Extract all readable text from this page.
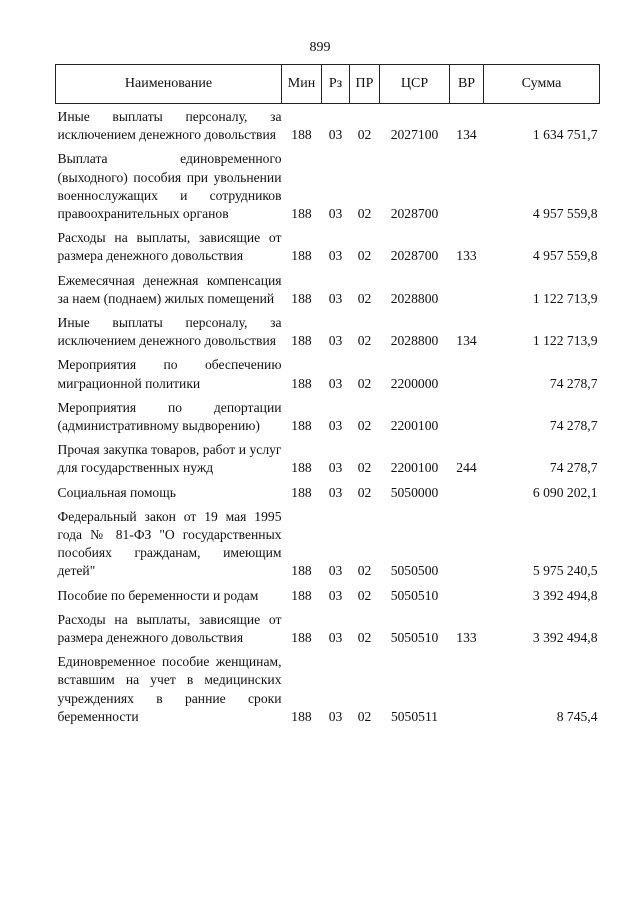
899
Наименование	Мин	Рз	ПР	ЦСР	ВР	Сумма
Иные выплаты персоналу, за исключением денежного довольствия	188	03	02	2027100	134	1 634 751,7
Выплата единовременного (выходного) пособия при увольнении военнослужащих и сотрудников правоохранительных органов	188	03	02	2028700		4 957 559,8
Расходы на выплаты, зависящие от размера денежного довольствия	188	03	02	2028700	133	4 957 559,8
Ежемесячная денежная компенсация за наем (поднаем) жилых помещений	188	03	02	2028800		1 122 713,9
Иные выплаты персоналу, за исключением денежного довольствия	188	03	02	2028800	134	1 122 713,9
Мероприятия по обеспечению миграционной политики	188	03	02	2200000		74 278,7
Мероприятия по депортации (административному выдворению)	188	03	02	2200100		74 278,7
Прочая закупка товаров, работ и услуг для государственных нужд	188	03	02	2200100	244	74 278,7
Социальная помощь	188	03	02	5050000		6 090 202,1
Федеральный закон от 19 мая 1995 года № 81-ФЗ "О государственных пособиях гражданам, имеющим детей"	188	03	02	5050500		5 975 240,5
Пособие по беременности и родам	188	03	02	5050510		3 392 494,8
Расходы на выплаты, зависящие от размера денежного довольствия	188	03	02	5050510	133	3 392 494,8
Единовременное пособие женщинам, вставшим на учет в медицинских учреждениях в ранние сроки беременности	188	03	02	5050511		8 745,4
